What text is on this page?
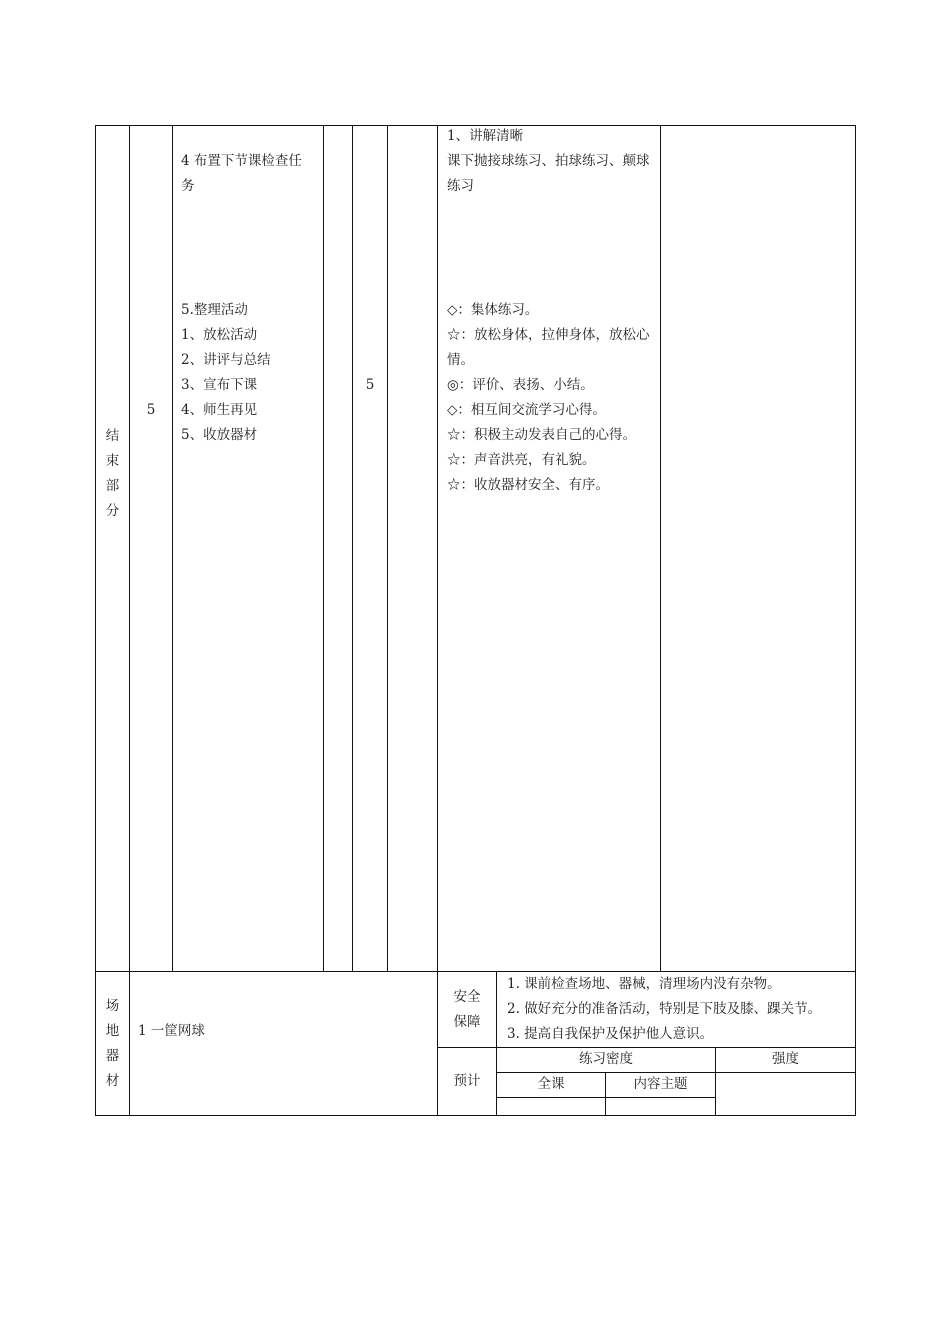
结
束
部
分
5
4 布置下节课检查任
务
5.整理活动
1、放松活动
2、讲评与总结
3、宣布下课
4、师生再见
5、收放器材
5
1、讲解清晰
课下抛接球练习、拍球练习、颠球
练习
◇：集体练习。
☆：放松身体，拉伸身体，放松心
情。
◎：评价、表扬、小结。
◇：相互间交流学习心得。
☆：积极主动发表自己的心得。
☆：声音洪亮，有礼貌。
☆：收放器材安全、有序。
场
地
器
材
1 一筐网球
安全
保障
1. 课前检查场地、器械，清理场内没有杂物。
2. 做好充分的准备活动，特别是下肢及膝、踝关节。
3. 提高自我保护及保护他人意识。
预计
练习密度	强度
全课	内容主题
